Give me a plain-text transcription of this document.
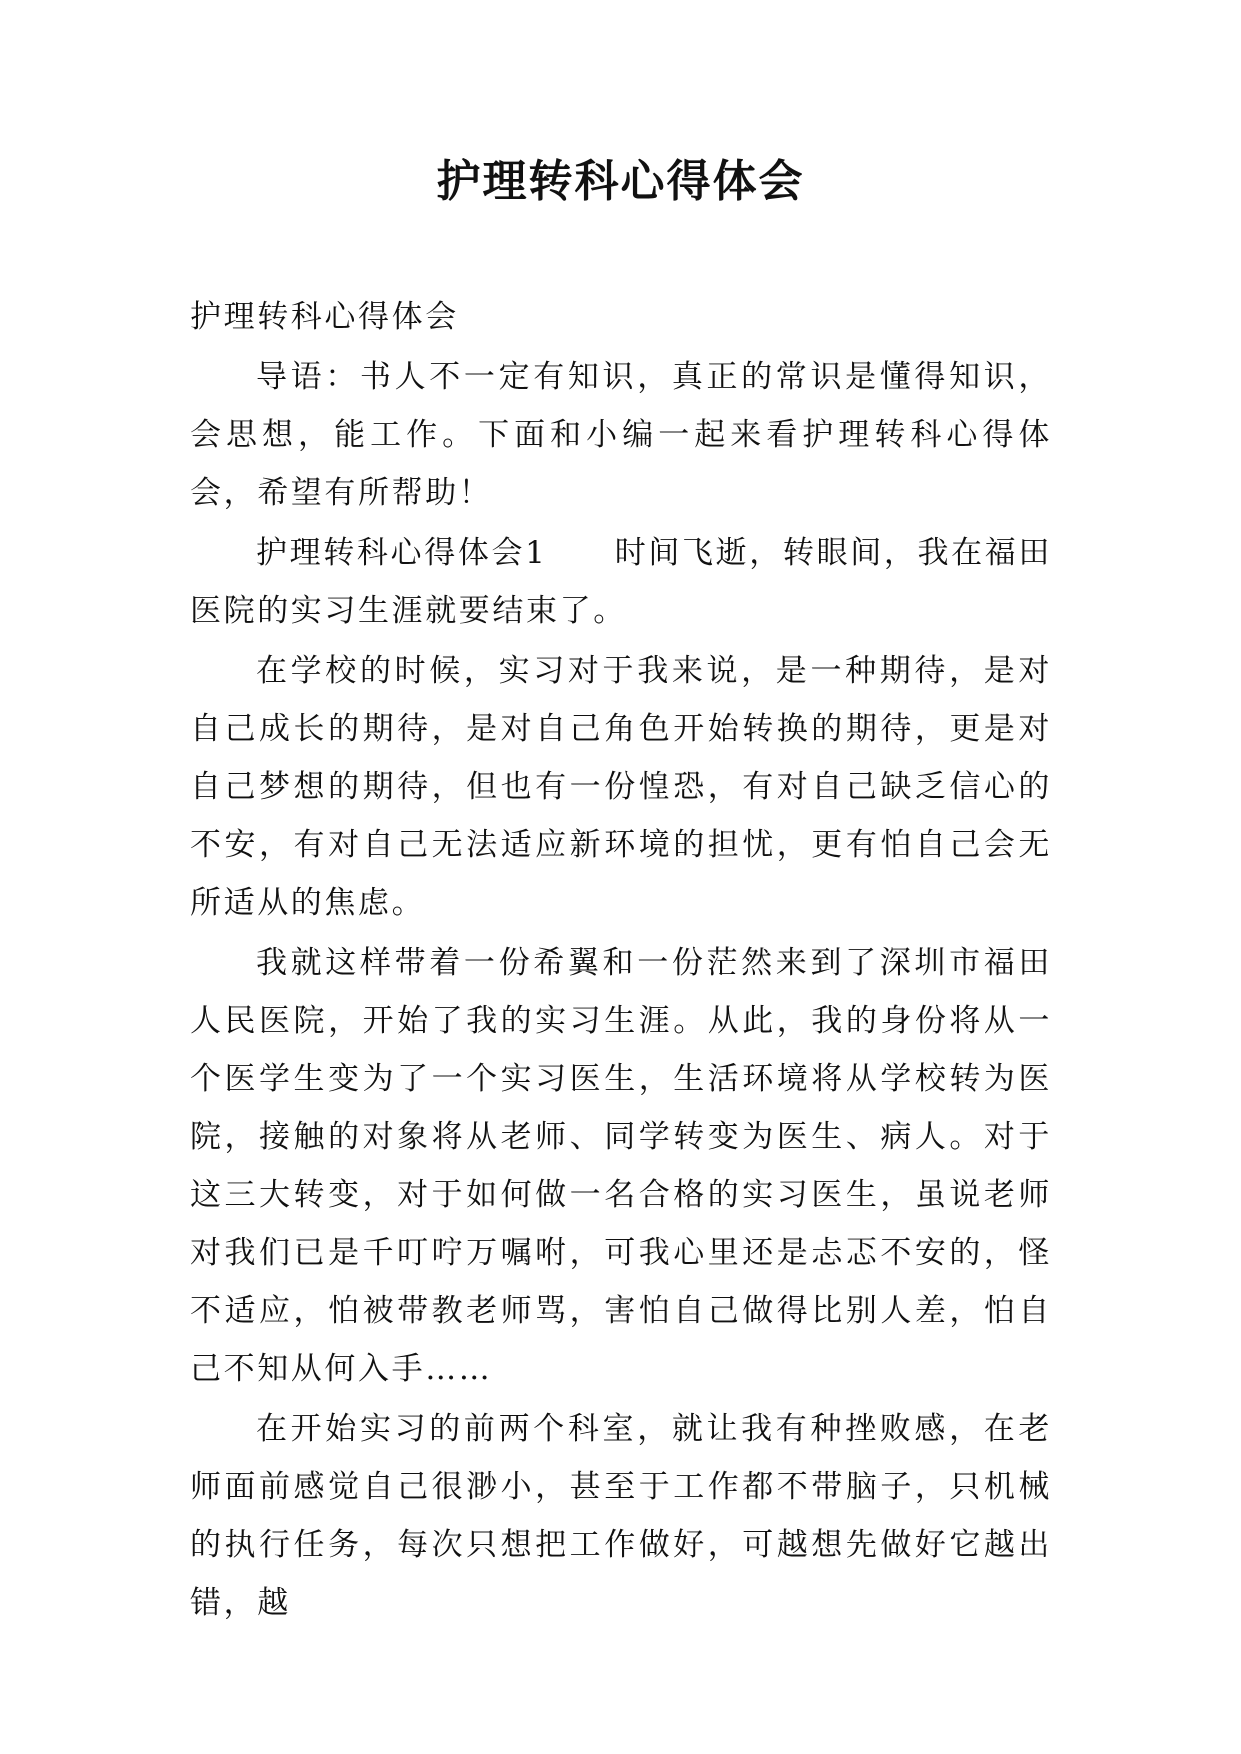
护理转科心得体会

护理转科心得体会

导语：书人不一定有知识，真正的常识是懂得知识，会思想，能工作。下面和小编一起来看护理转科心得体会，希望有所帮助！

护理转科心得体会1　　时间飞逝，转眼间，我在福田医院的实习生涯就要结束了。

在学校的时候，实习对于我来说，是一种期待，是对自己成长的期待，是对自己角色开始转换的期待，更是对自己梦想的期待，但也有一份惶恐，有对自己缺乏信心的不安，有对自己无法适应新环境的担忧，更有怕自己会无所适从的焦虑。

我就这样带着一份希翼和一份茫然来到了深圳市福田人民医院，开始了我的实习生涯。从此，我的身份将从一个医学生变为了一个实习医生，生活环境将从学校转为医院，接触的对象将从老师、同学转变为医生、病人。对于这三大转变，对于如何做一名合格的实习医生，虽说老师对我们已是千叮咛万嘱咐，可我心里还是忐忑不安的，怪不适应，怕被带教老师骂，害怕自己做得比别人差，怕自己不知从何入手……

在开始实习的前两个科室，就让我有种挫败感，在老师面前感觉自己很渺小，甚至于工作都不带脑子，只机械的执行任务，每次只想把工作做好，可越想先做好它越出错，越
